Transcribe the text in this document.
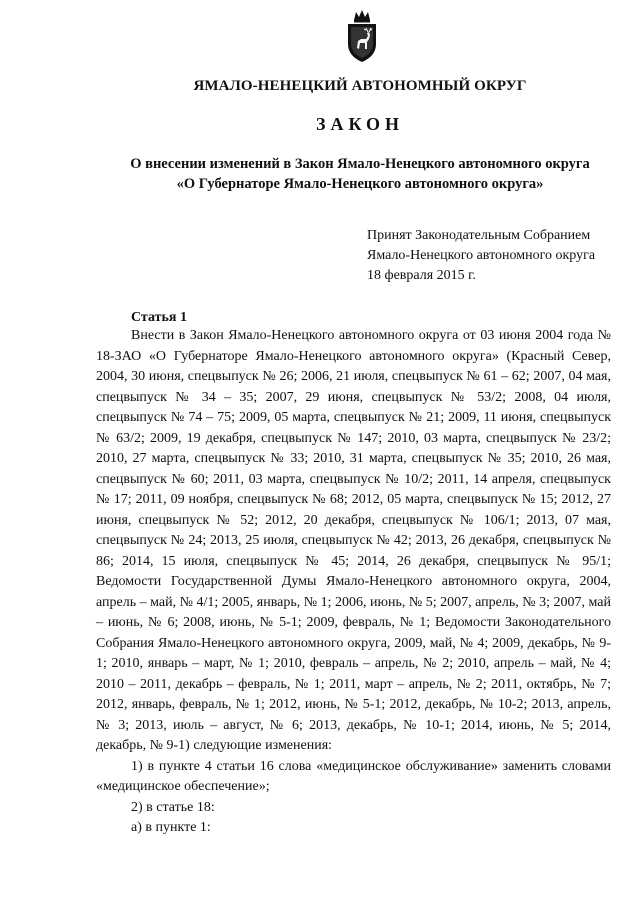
ЯМАЛО-НЕНЕЦКИЙ АВТОНОМНЫЙ ОКРУГ
ЗАКОН
О внесении изменений в Закон Ямало-Ненецкого автономного округа
«О Губернаторе Ямало-Ненецкого автономного округа»
Принят Законодательным Собранием
Ямало-Ненецкого автономного округа
18 февраля 2015 г.
Статья 1

Внести в Закон Ямало-Ненецкого автономного округа от 03 июня 2004 года № 18-ЗАО «О Губернаторе Ямало-Ненецкого автономного округа» (Красный Север, 2004, 30 июня, спецвыпуск № 26; 2006, 21 июля, спецвыпуск № 61 – 62; 2007, 04 мая, спецвыпуск № 34 – 35; 2007, 29 июня, спецвыпуск № 53/2; 2008, 04 июля, спецвыпуск № 74 – 75; 2009, 05 марта, спецвыпуск № 21; 2009, 11 июня, спецвыпуск № 63/2; 2009, 19 декабря, спецвыпуск № 147; 2010, 03 марта, спецвыпуск № 23/2; 2010, 27 марта, спецвыпуск № 33; 2010, 31 марта, спецвыпуск № 35; 2010, 26 мая, спецвыпуск № 60; 2011, 03 марта, спецвыпуск № 10/2; 2011, 14 апреля, спецвыпуск № 17; 2011, 09 ноября, спецвыпуск № 68; 2012, 05 марта, спецвыпуск № 15; 2012, 27 июня, спецвыпуск № 52; 2012, 20 декабря, спецвыпуск № 106/1; 2013, 07 мая, спецвыпуск № 24; 2013, 25 июля, спецвыпуск № 42; 2013, 26 декабря, спецвыпуск № 86; 2014, 15 июля, спецвыпуск № 45; 2014, 26 декабря, спецвыпуск № 95/1; Ведомости Государственной Думы Ямало-Ненецкого автономного округа, 2004, апрель – май, № 4/1; 2005, январь, № 1; 2006, июнь, № 5; 2007, апрель, № 3; 2007, май – июнь, № 6; 2008, июнь, № 5-1; 2009, февраль, № 1; Ведомости Законодательного Собрания Ямало-Ненецкого автономного округа, 2009, май, № 4; 2009, декабрь, № 9-1; 2010, январь – март, № 1; 2010, февраль – апрель, № 2; 2010, апрель – май, № 4; 2010 – 2011, декабрь – февраль, № 1; 2011, март – апрель, № 2; 2011, октябрь, № 7; 2012, январь, февраль, № 1; 2012, июнь, № 5-1; 2012, декабрь, № 10-2; 2013, апрель, № 3; 2013, июль – август, № 6; 2013, декабрь, № 10-1; 2014, июнь, № 5; 2014, декабрь, № 9-1) следующие изменения:

1) в пункте 4 статьи 16 слова «медицинское обслуживание» заменить словами «медицинское обеспечение»;

2) в статье 18:

а) в пункте 1:
